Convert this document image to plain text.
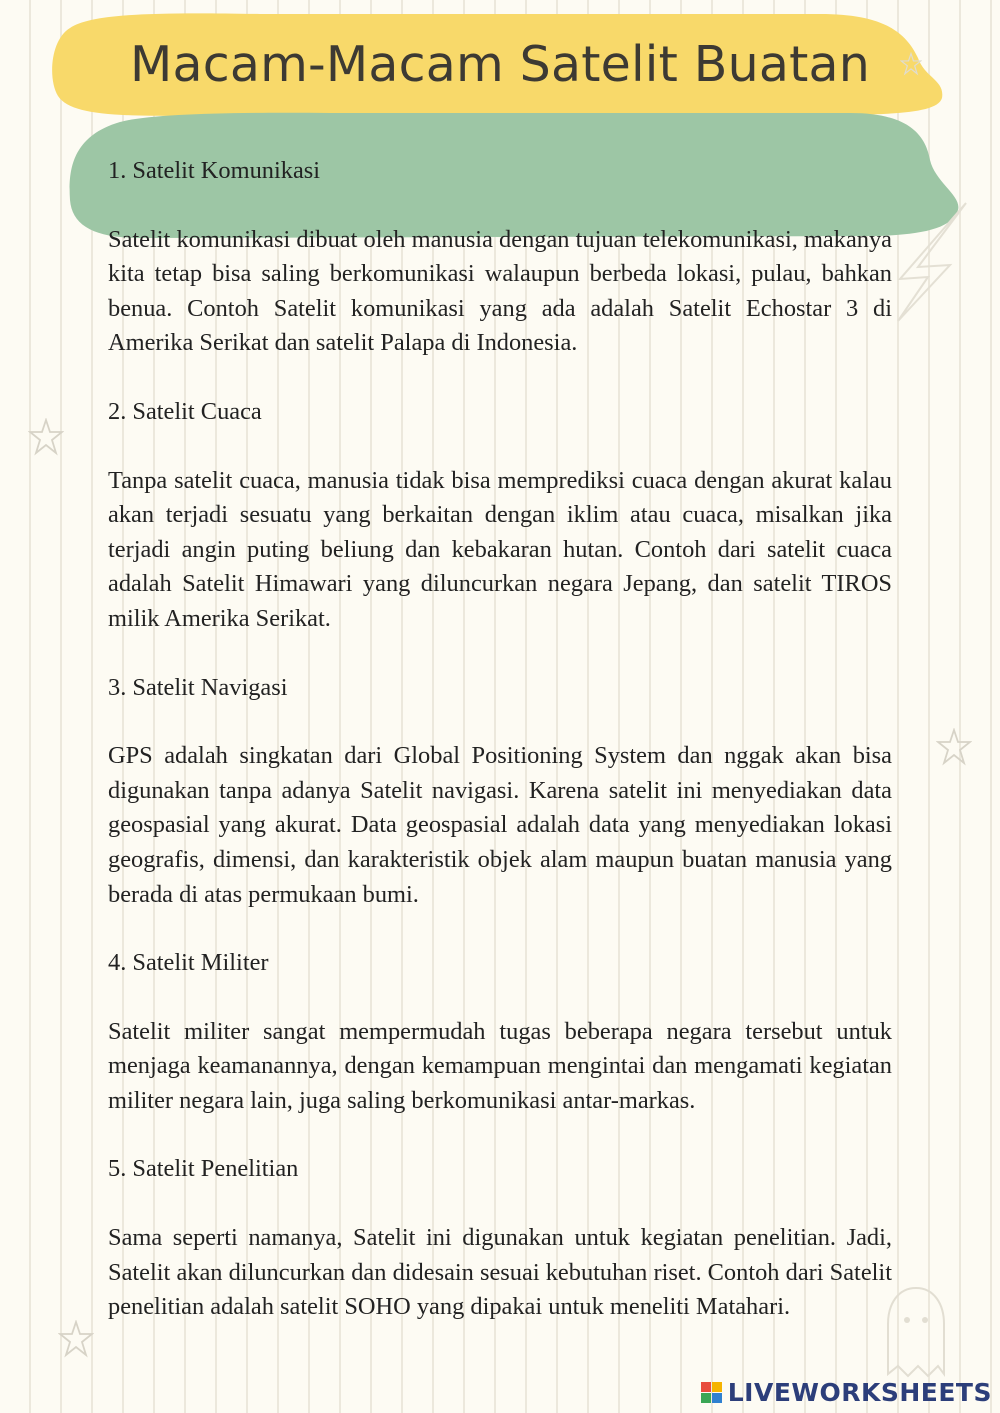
Macam-Macam Satelit Buatan
1. Satelit Komunikasi

Satelit komunikasi dibuat oleh manusia dengan tujuan telekomunikasi, makanya kita tetap bisa saling berkomunikasi walaupun berbeda lokasi, pulau, bahkan benua. Contoh Satelit komunikasi yang ada adalah Satelit Echostar 3 di Amerika Serikat dan satelit Palapa di Indonesia.

2. Satelit Cuaca

Tanpa satelit cuaca, manusia tidak bisa memprediksi cuaca dengan akurat kalau akan terjadi sesuatu yang berkaitan dengan iklim atau cuaca, misalkan jika terjadi angin puting beliung dan kebakaran hutan. Contoh dari satelit cuaca adalah Satelit Himawari yang diluncurkan negara Jepang, dan satelit TIROS milik Amerika Serikat.

3. Satelit Navigasi

GPS adalah singkatan dari Global Positioning System dan nggak akan bisa digunakan tanpa adanya Satelit navigasi. Karena satelit ini menyediakan data geospasial yang akurat. Data geospasial adalah data yang menyediakan lokasi geografis, dimensi, dan karakteristik objek alam maupun buatan manusia yang berada di atas permukaan bumi.

4. Satelit Militer

Satelit militer sangat mempermudah tugas beberapa negara tersebut untuk menjaga keamanannya, dengan kemampuan mengintai dan mengamati kegiatan militer negara lain, juga saling berkomunikasi antar-markas.

5. Satelit Penelitian

Sama seperti namanya, Satelit ini digunakan untuk kegiatan penelitian. Jadi, Satelit akan diluncurkan dan didesain sesuai kebutuhan riset. Contoh dari Satelit penelitian adalah satelit SOHO yang dipakai untuk meneliti Matahari.

LIVEWORKSHEETS
